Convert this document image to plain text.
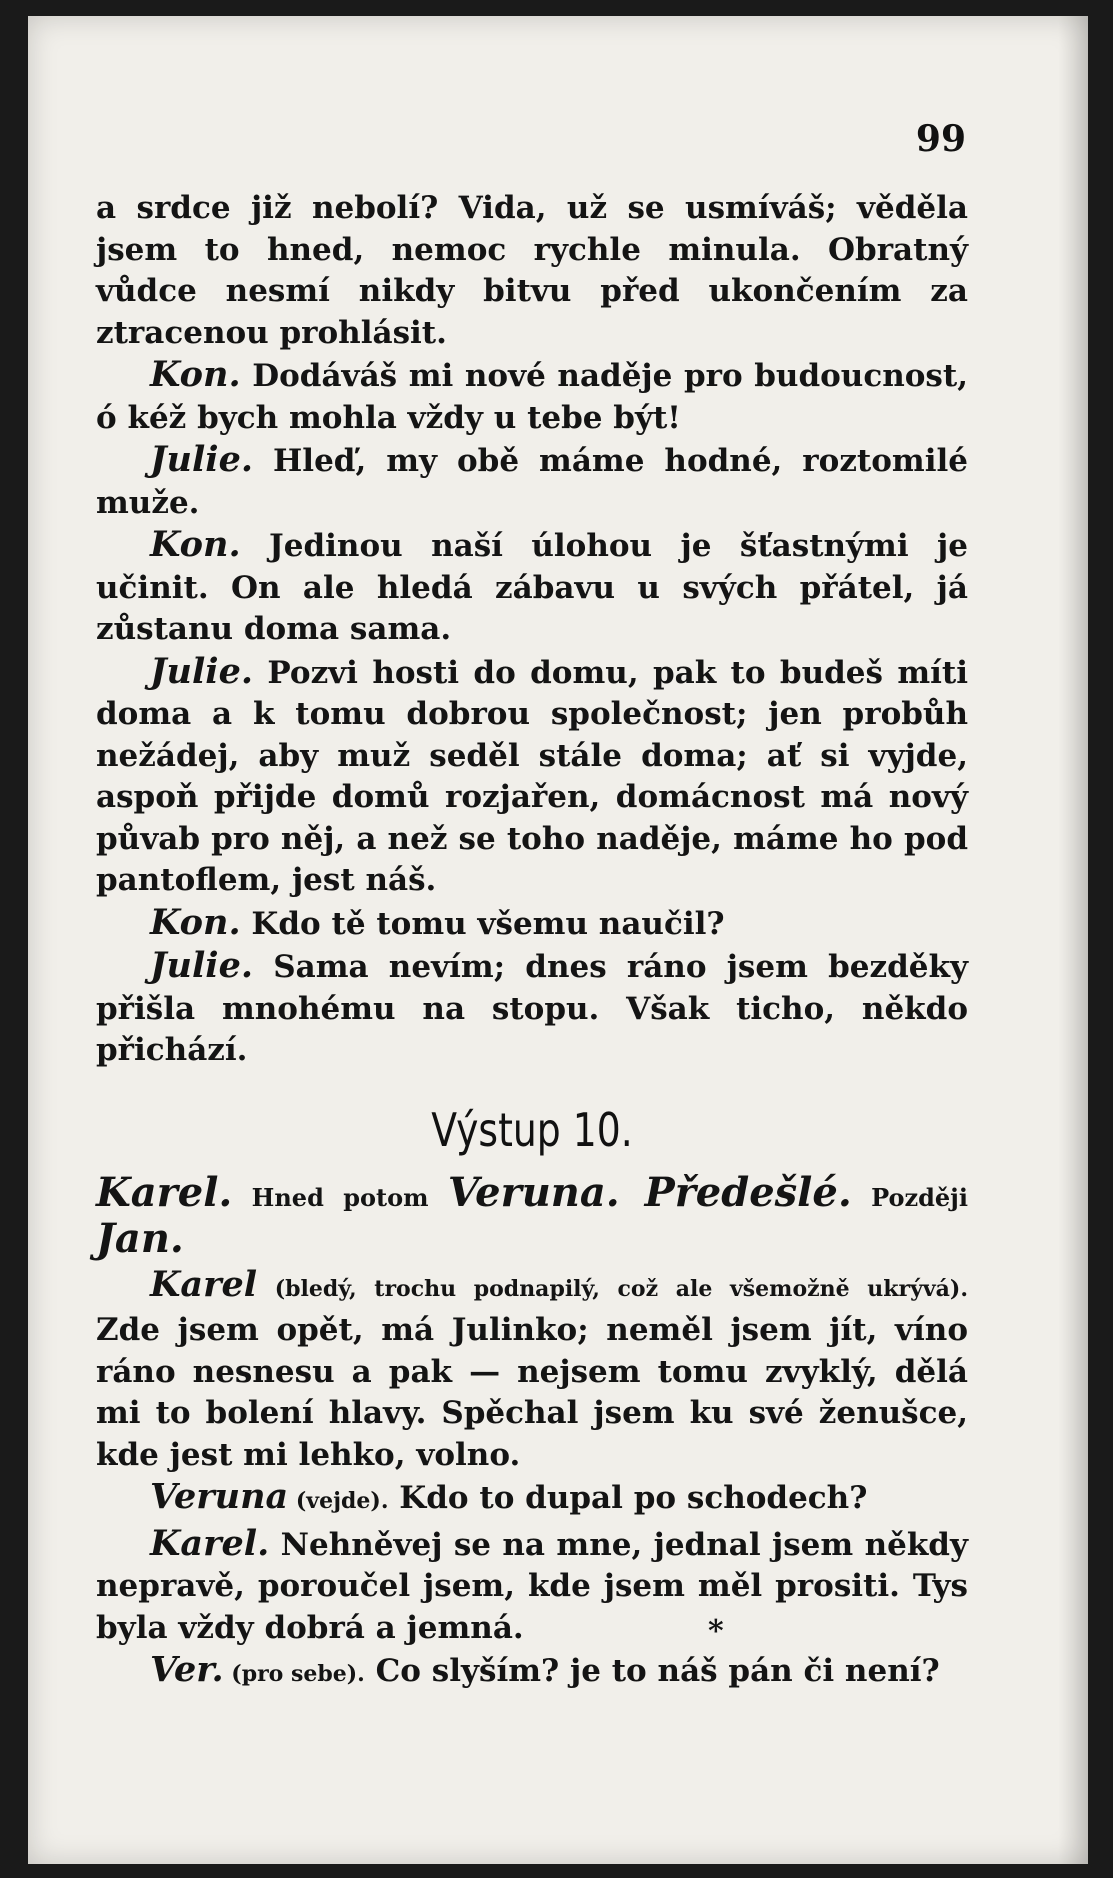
99

a srdce již nebolí? Vida, už se usmíváš; věděla jsem to hned, nemoc rychle minula. Obratný vůdce nesmí nikdy bitvu před ukončením za ztracenou prohlásit.

Kon. Dodáváš mi nové naděje pro budoucnost, ó kéž bych mohla vždy u tebe být!

Julie. Hleď, my obě máme hodné, roztomilé muže.

Kon. Jedinou naší úlohou je šťastnými je učinit. On ale hledá zábavu u svých přátel, já zůstanu doma sama.

Julie. Pozvi hosti do domu, pak to budeš míti doma a k tomu dobrou společnost; jen probůh nežádej, aby muž seděl stále doma; ať si vyjde, aspoň přijde domů rozjařen, domácnost má nový půvab pro něj, a než se toho naděje, máme ho pod pantoflem, jest náš.

Kon. Kdo tě tomu všemu naučil?

Julie. Sama nevím; dnes ráno jsem bezděky přišla mnohému na stopu. Však ticho, někdo přichází.

Výstup 10.

Karel. Hned potom Veruna. Předešlé. Později Jan.

Karel (bledý, trochu podnapilý, což ale všemožně ukrývá). Zde jsem opět, má Julinko; neměl jsem jít, víno ráno nesnesu a pak — nejsem tomu zvyklý, dělá mi to bolení hlavy. Spěchal jsem ku své ženušce, kde jest mi lehko, volno.

Veruna (vejde). Kdo to dupal po schodech?

Karel. Nehněvej se na mne, jednal jsem někdy nepravě, poroučel jsem, kde jsem měl prositi. Tys byla vždy dobrá a jemná.

Ver. (pro sebe). Co slyším? je to náš pán či není?

*
